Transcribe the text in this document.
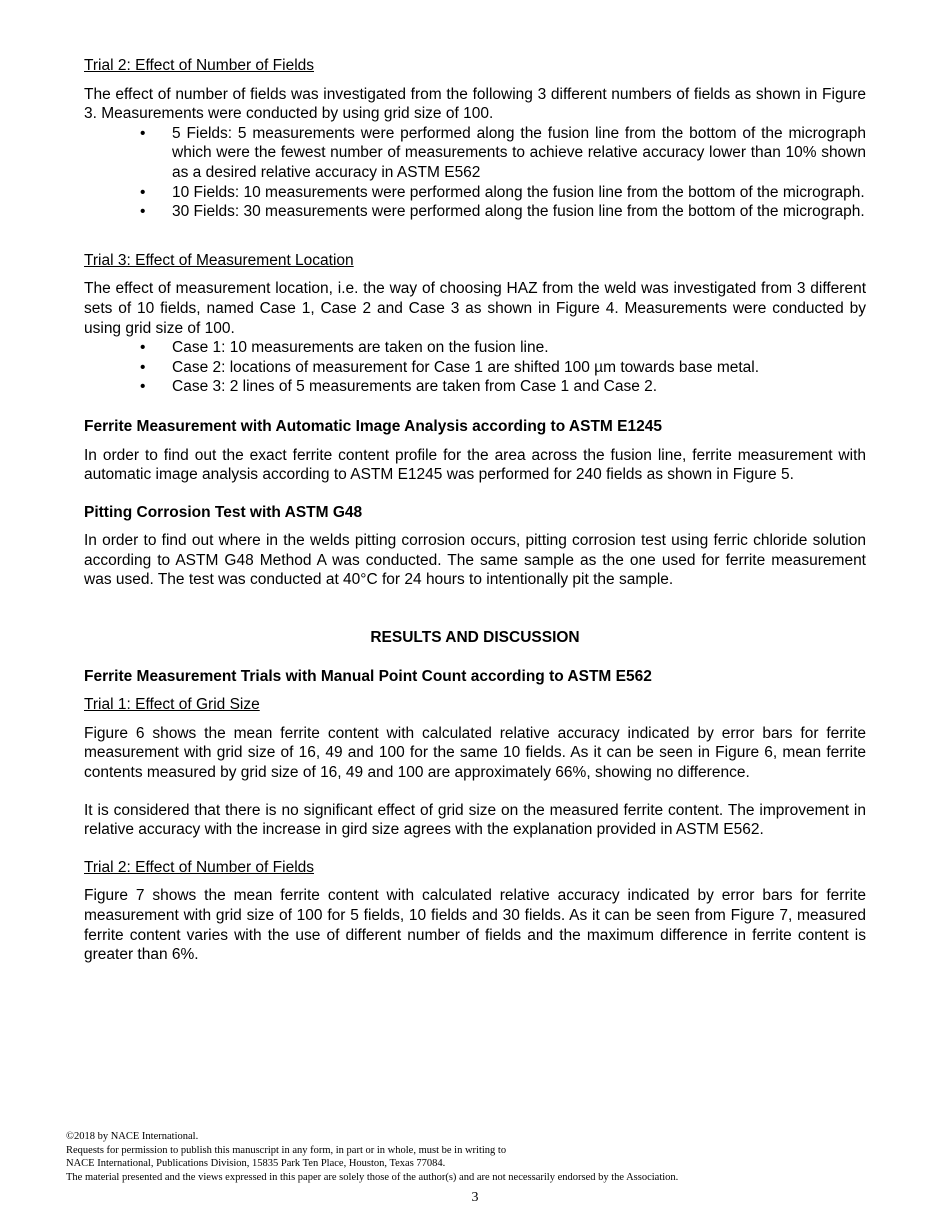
Trial 2: Effect of Number of Fields

The effect of number of fields was investigated from the following 3 different numbers of fields as shown in Figure 3. Measurements were conducted by using grid size of 100.

• 5 Fields: 5 measurements were performed along the fusion line from the bottom of the micrograph which were the fewest number of measurements to achieve relative accuracy lower than 10% shown as a desired relative accuracy in ASTM E562
• 10 Fields: 10 measurements were performed along the fusion line from the bottom of the micrograph.
• 30 Fields: 30 measurements were performed along the fusion line from the bottom of the micrograph.
Trial 3: Effect of Measurement Location

The effect of measurement location, i.e. the way of choosing HAZ from the weld was investigated from 3 different sets of 10 fields, named Case 1, Case 2 and Case 3 as shown in Figure 4. Measurements were conducted by using grid size of 100.

• Case 1: 10 measurements are taken on the fusion line.
• Case 2: locations of measurement for Case 1 are shifted 100 µm towards base metal.
• Case 3: 2 lines of 5 measurements are taken from Case 1 and Case 2.
Ferrite Measurement with Automatic Image Analysis according to ASTM E1245

In order to find out the exact ferrite content profile for the area across the fusion line, ferrite measurement with automatic image analysis according to ASTM E1245 was performed for 240 fields as shown in Figure 5.

Pitting Corrosion Test with ASTM G48

In order to find out where in the welds pitting corrosion occurs, pitting corrosion test using ferric chloride solution according to ASTM G48 Method A was conducted. The same sample as the one used for ferrite measurement was used. The test was conducted at 40°C for 24 hours to intentionally pit the sample.

RESULTS AND DISCUSSION
Ferrite Measurement Trials with Manual Point Count according to ASTM E562
Trial 1: Effect of Grid Size

Figure 6 shows the mean ferrite content with calculated relative accuracy indicated by error bars for ferrite measurement with grid size of 16, 49 and 100 for the same 10 fields. As it can be seen in Figure 6, mean ferrite contents measured by grid size of 16, 49 and 100 are approximately 66%, showing no difference.

It is considered that there is no significant effect of grid size on the measured ferrite content. The improvement in relative accuracy with the increase in gird size agrees with the explanation provided in ASTM E562.

Trial 2: Effect of Number of Fields

Figure 7 shows the mean ferrite content with calculated relative accuracy indicated by error bars for ferrite measurement with grid size of 100 for 5 fields, 10 fields and 30 fields. As it can be seen from Figure 7, measured ferrite content varies with the use of different number of fields and the maximum difference in ferrite content is greater than 6%.

©2018 by NACE International.
Requests for permission to publish this manuscript in any form, in part or in whole, must be in writing to
NACE International, Publications Division, 15835 Park Ten Place, Houston, Texas 77084.
The material presented and the views expressed in this paper are solely those of the author(s) and are not necessarily endorsed by the Association.
3
